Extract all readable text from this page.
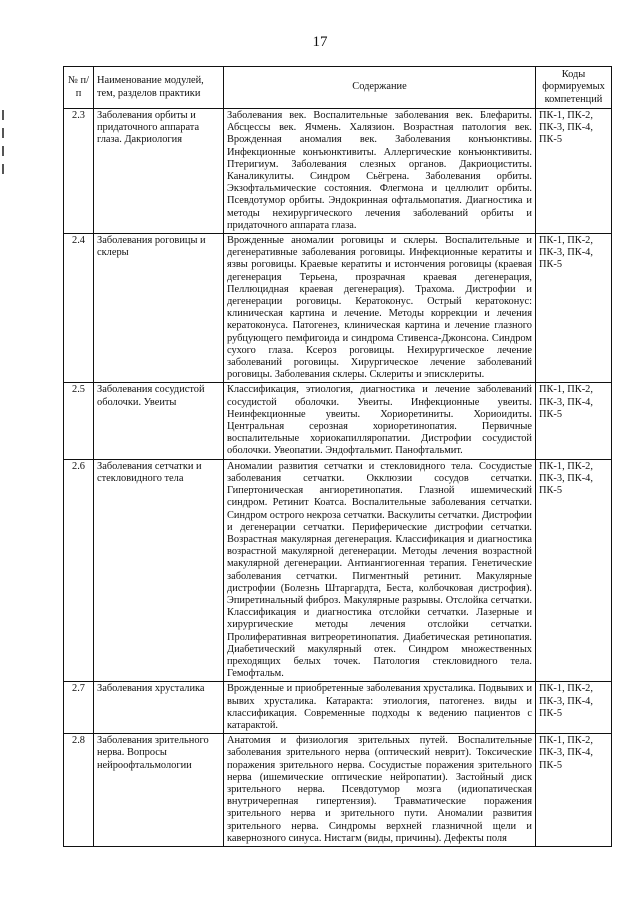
17
№ п/п	Наименование модулей, тем, разделов практики	Содержание	Коды формируемых компетенций
2.3	Заболевания орбиты и придаточного аппарата глаза. Дакриология	Заболевания век. Воспалительные заболевания век. Блефариты. Абсцессы век. Ячмень. Халязион. Возрастная патология век. Врожденная аномалия век. Заболевания конъюнктивы. Инфекционные конъюнктивиты. Аллергические конъюнктивиты. Птеригиум. Заболевания слезных органов. Дакриоциститы. Каналикулиты. Синдром Сьёгрена. Заболевания орбиты. Экзофтальмические состояния. Флегмона и целлюлит орбиты. Псевдотумор орбиты. Эндокринная офтальмопатия. Диагностика и методы нехирургического лечения заболеваний орбиты и придаточного аппарата глаза.	ПК-1, ПК-2, ПК-3, ПК-4, ПК-5
2.4	Заболевания роговицы и склеры	Врожденные аномалии роговицы и склеры. Воспалительные и дегенеративные заболевания роговицы. Инфекционные кератиты и язвы роговицы. Краевые кератиты и истончения роговицы (краевая дегенерация Терьена, прозрачная краевая дегенерация, Пеллюцидная краевая дегенерация). Трахома. Дистрофии и дегенерации роговицы. Кератоконус. Острый кератоконус: клиническая картина и лечение. Методы коррекции и лечения кератоконуса. Патогенез, клиническая картина и лечение глазного рубцующего пемфигоида и синдрома Стивенса-Джонсона. Синдром сухого глаза. Ксероз роговицы. Нехирургическое лечение заболеваний роговицы. Хирургическое лечение заболеваний роговицы. Заболевания склеры. Склериты и эписклериты.	ПК-1, ПК-2, ПК-3, ПК-4, ПК-5
2.5	Заболевания сосудистой оболочки. Увеиты	Классификация, этиология, диагностика и лечение заболеваний сосудистой оболочки. Увеиты. Инфекционные увеиты. Неинфекционные увеиты. Хориоретиниты. Хориоидиты. Центральная серозная хориоретинопатия. Первичные воспалительные хориокапилляропатии. Дистрофии сосудистой оболочки. Увеопатии. Эндофтальмит. Панофтальмит.	ПК-1, ПК-2, ПК-3, ПК-4, ПК-5
2.6	Заболевания сетчатки и стекловидного тела	Аномалии развития сетчатки и стекловидного тела. Сосудистые заболевания сетчатки. Окклюзии сосудов сетчатки. Гипертоническая ангиоретинопатия. Глазной ишемический синдром. Ретинит Коатса. Воспалительные заболевания сетчатки. Синдром острого некроза сетчатки. Васкулиты сетчатки. Дистрофии и дегенерации сетчатки. Периферические дистрофии сетчатки. Возрастная макулярная дегенерация. Классификация и диагностика возрастной макулярной дегенерации. Методы лечения возрастной макулярной дегенерации. Антиангиогенная терапия. Генетические заболевания сетчатки. Пигментный ретинит. Макулярные дистрофии (Болезнь Штаргардта, Беста, колбочковая дистрофия). Эпиретинальный фиброз. Макулярные разрывы. Отслойка сетчатки. Классификация и диагностика отслойки сетчатки. Лазерные и хирургические методы лечения отслойки сетчатки. Пролиферативная витреоретинопатия. Диабетическая ретинопатия. Диабетический макулярный отек. Синдром множественных преходящих белых точек. Патология стекловидного тела. Гемофтальм.	ПК-1, ПК-2, ПК-3, ПК-4, ПК-5
2.7	Заболевания хрусталика	Врожденные и приобретенные заболевания хрусталика. Подвывих и вывих хрусталика. Катаракта: этиология, патогенез. виды и классификация. Современные подходы к ведению пациентов с катарактой.	ПК-1, ПК-2, ПК-3, ПК-4, ПК-5
2.8	Заболевания зрительного нерва. Вопросы нейроофтальмологии	Анатомия и физиология зрительных путей. Воспалительные заболевания зрительного нерва (оптический неврит). Токсические поражения зрительного нерва. Сосудистые поражения зрительного нерва (ишемические оптические нейропатии). Застойный диск зрительного нерва. Псевдотумор мозга (идиопатическая внутричерепная гипертензия). Травматические поражения зрительного нерва и зрительного пути. Аномалии развития зрительного нерва. Синдромы верхней глазничной щели и кавернозного синуса. Нистагм (виды, причины). Дефекты поля	ПК-1, ПК-2, ПК-3, ПК-4, ПК-5
